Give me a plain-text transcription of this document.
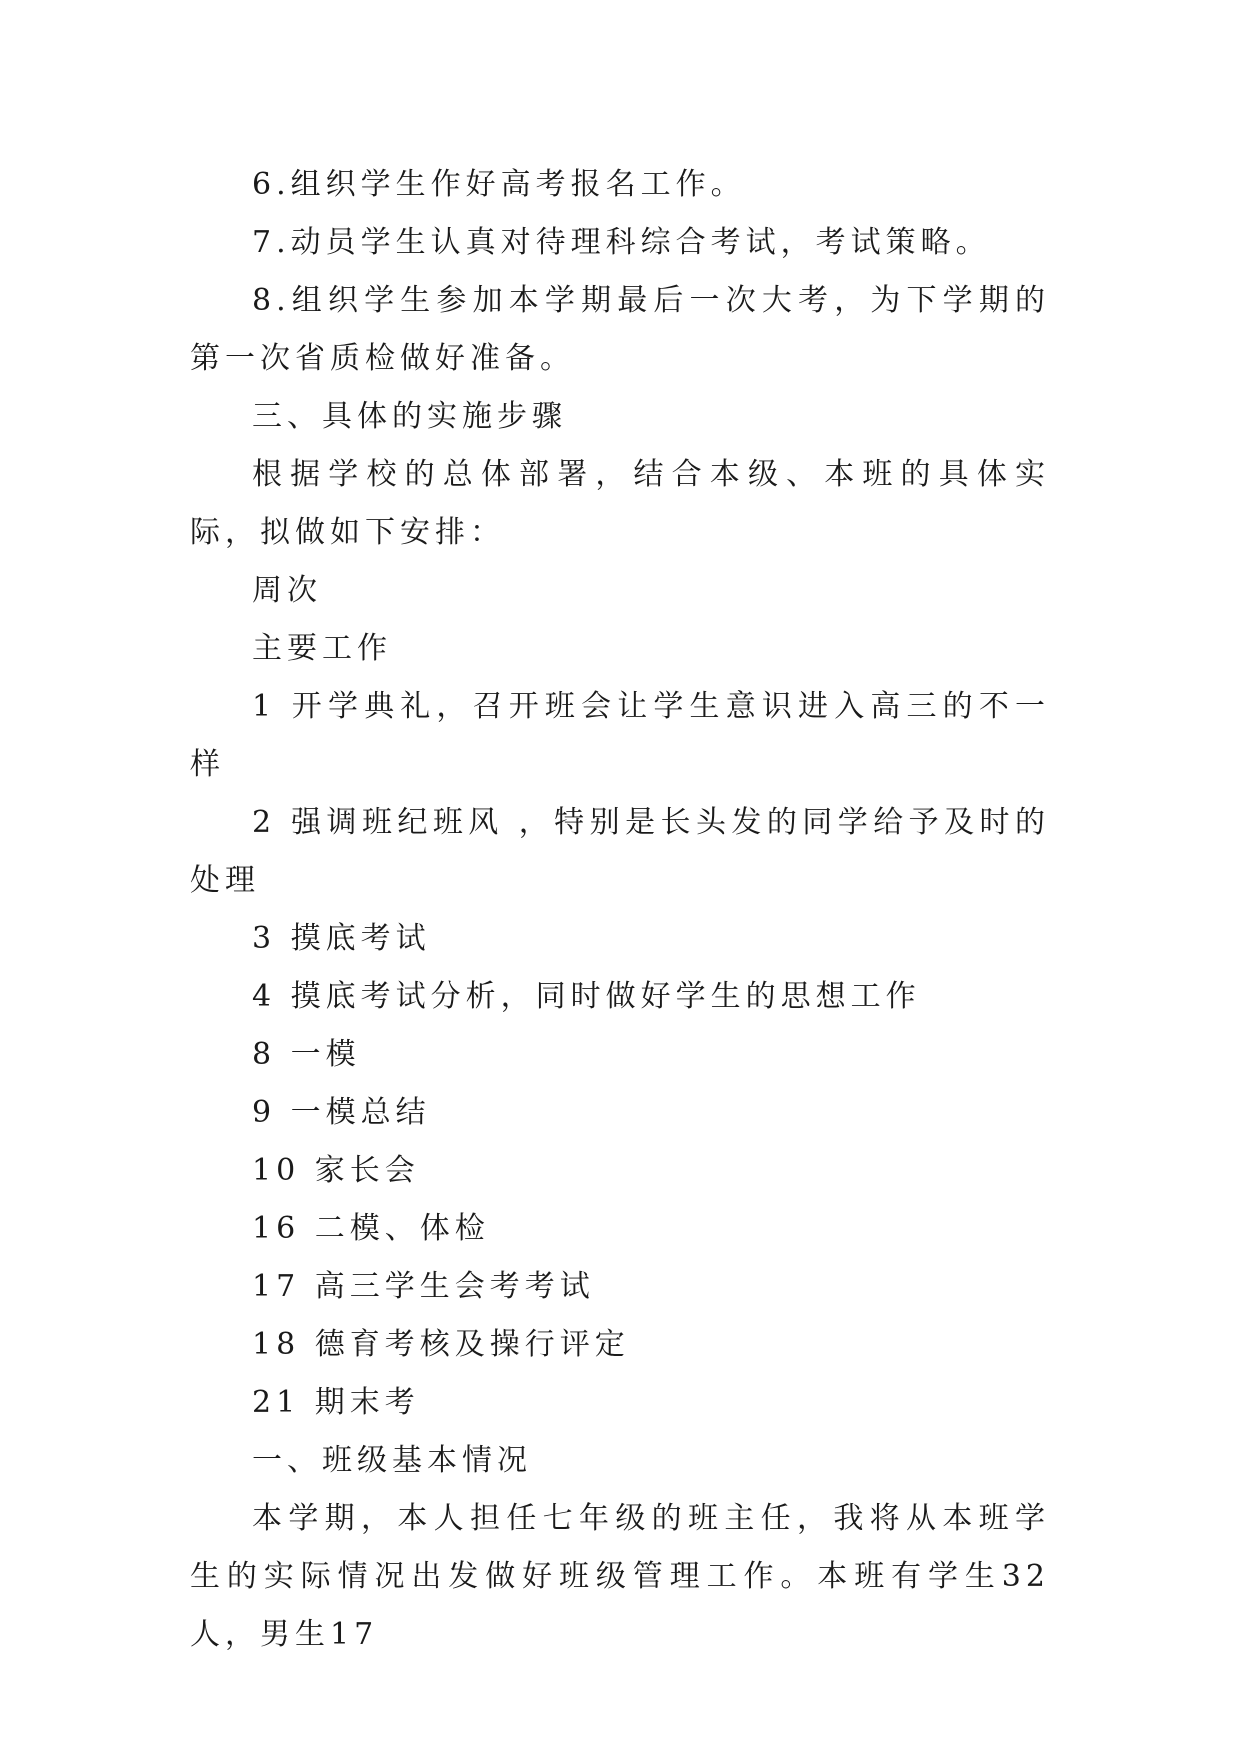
6.组织学生作好高考报名工作。

7.动员学生认真对待理科综合考试，考试策略。

8.组织学生参加本学期最后一次大考，为下学期的第一次省质检做好准备。

三、具体的实施步骤

根据学校的总体部署，结合本级、本班的具体实际，拟做如下安排：

周次

主要工作

1 开学典礼，召开班会让学生意识进入高三的不一样

2 强调班纪班风 ，特别是长头发的同学给予及时的处理

3 摸底考试

4 摸底考试分析，同时做好学生的思想工作

8 一模

9 一模总结

10 家长会

16 二模、体检

17 高三学生会考考试

18 德育考核及操行评定

21 期末考

一、班级基本情况

本学期，本人担任七年级的班主任，我将从本班学生的实际情况出发做好班级管理工作。本班有学生32人，男生17
